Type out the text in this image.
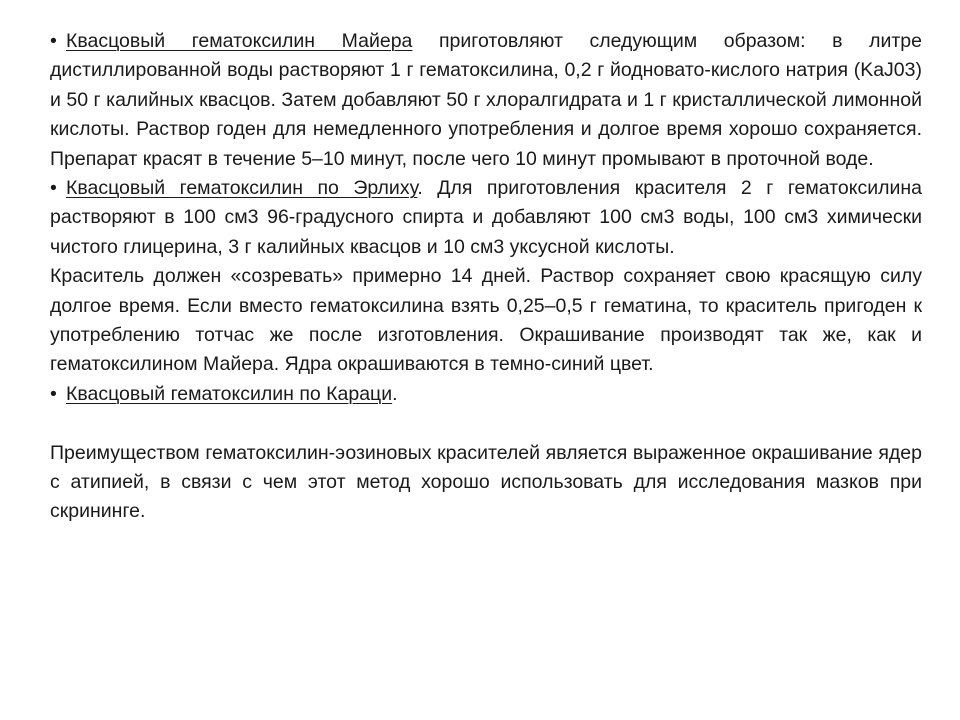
• Квасцовый гематоксилин Майера приготовляют следующим образом: в литре дистиллированной воды растворяют 1 г гематоксилина, 0,2 г йодновато-кислого натрия (KaJ03) и 50 г калийных квасцов. Затем добавляют 50 г хлоралгидрата и 1 г кристаллической лимонной кислоты. Раствор годен для немедленного употребления и долгое время хорошо сохраняется. Препарат красят в течение 5–10 минут, после чего 10 минут промывают в проточной воде.

• Квасцовый гематоксилин по Эрлиху. Для приготовления красителя 2 г гематоксилина растворяют в 100 см3 96-градусного спирта и добавляют 100 см3 воды, 100 см3 химически чистого глицерина, 3 г калийных квасцов и 10 см3 уксусной кислоты.

Краситель должен «созревать» примерно 14 дней. Раствор сохраняет свою красящую силу долгое время. Если вместо гематоксилина взять 0,25–0,5 г гематина, то краситель пригоден к употреблению тотчас же после изготовления. Окрашивание производят так же, как и гематоксилином Майера. Ядра окрашиваются в темно-синий цвет.

• Квасцовый гематоксилин по Караци.

Преимуществом гематоксилин-эозиновых красителей является выраженное окрашивание ядер с атипией, в связи с чем этот метод хорошо использовать для исследования мазков при скрининге.
